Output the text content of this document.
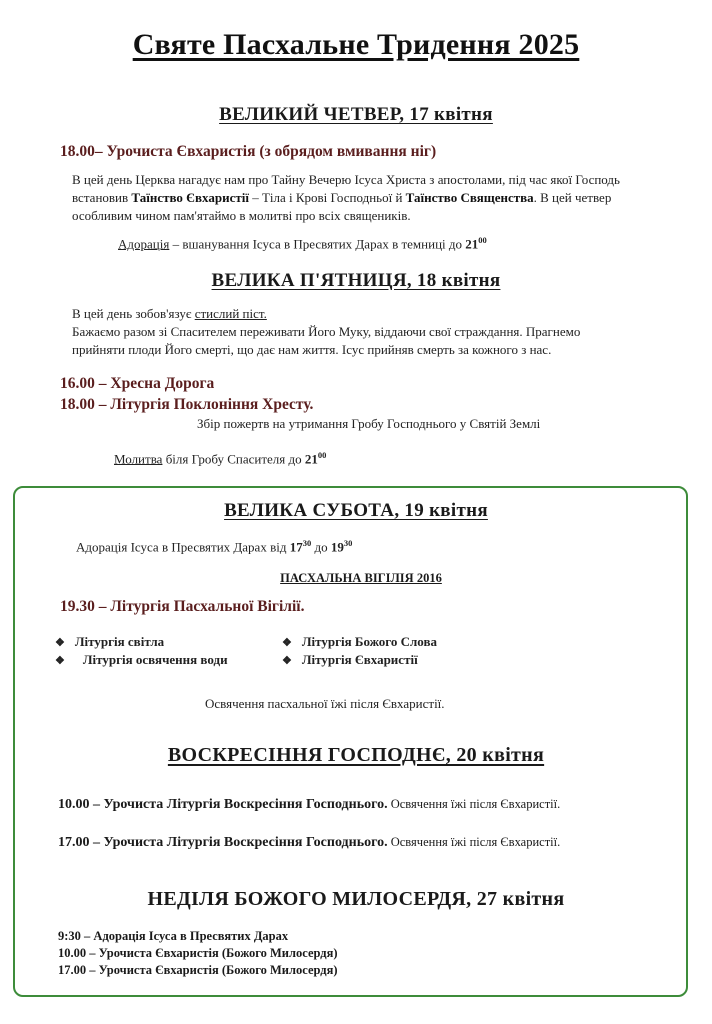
Святе Пасхальне Тридення 2025
ВЕЛИКИЙ ЧЕТВЕР, 17 квітня
18.00– Урочиста Євхаристія (з обрядом вмивання ніг)
В цей день Церква нагадує нам про Тайну Вечерю Ісуса Христа з апостолами, під час якої Господь
встановив Таїнство Євхаристії – Тіла і Крові Господньої й Таїнство Священства. В цей четвер
особливим чином пам'ятаймо в молитві про всіх священиків.
Адорація – вшанування Ісуса в Пресвятих Дарах в темниці до $21^{00}$
ВЕЛИКА П'ЯТНИЦЯ, 18 квітня
В цей день зобов'язує стислий піст.
Бажаємо разом зі Спасителем переживати Його Муку, віддаючи свої страждання. Прагнемо
прийняти плоди Його смерті, що дає нам життя. Ісус прийняв смерть за кожного з нас.
16.00 – Хресна Дорога
18.00 – Літургія Поклоніння Хресту.
Збір пожертв на утримання Гробу Господнього у Святій Землі
Молитва біля Гробу Спасителя до $21^{00}$
ВЕЛИКА СУБОТА, 19 квітня
Адорація Ісуса в Пресвятих Дарах від $17^{30}$ до $19^{30}$
ПАСХАЛЬНА ВІГІЛІЯ 2016
19.30 – Літургія Пасхальної Вігілії.
❖ Літургія світла
❖ Літургія освячення води
❖ Літургія Божого Слова
❖ Літургія Євхаристії
Освячення пасхальної їжі після Євхаристії.
ВОСКРЕСІННЯ ГОСПОДНЄ, 20 квітня
10.00 – Урочиста Літургія Воскресіння Господнього. Освячення їжі після Євхаристії.
17.00 – Урочиста Літургія Воскресіння Господнього. Освячення їжі після Євхаристії.
НЕДІЛЯ БОЖОГО МИЛОСЕРДЯ, 27 квітня
9:30 – Адорація Ісуса в Пресвятих Дарах
10.00 – Урочиста Євхаристія (Божого Милосердя)
17.00 – Урочиста Євхаристія (Божого Милосердя)
